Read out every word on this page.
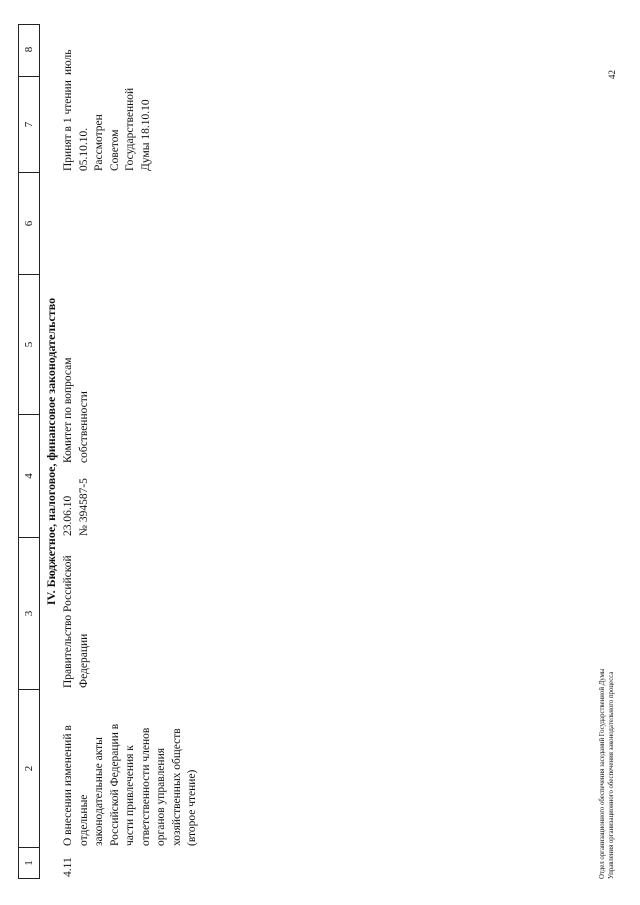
1
2
3
4
5
6
7
8
IV. Бюджетное, налоговое, финансовое законодательство
4.11
О внесении изменений в отдельные законодательные акты Российской Федерации в части привлечения к ответственности членов органов управления хозяйственных обществ (второе чтение)
Правительство Российской Федерации
23.06.10
№ 394587-5
Комитет по вопросам собственности
Принят в 1 чтении 05.10.10. Рассмотрен Советом Государственной Думы 18.10.10
июль
Отдел организационного обеспечения заседаний Государственной Думы Управления организационного обеспечения законодательного процесса
42
